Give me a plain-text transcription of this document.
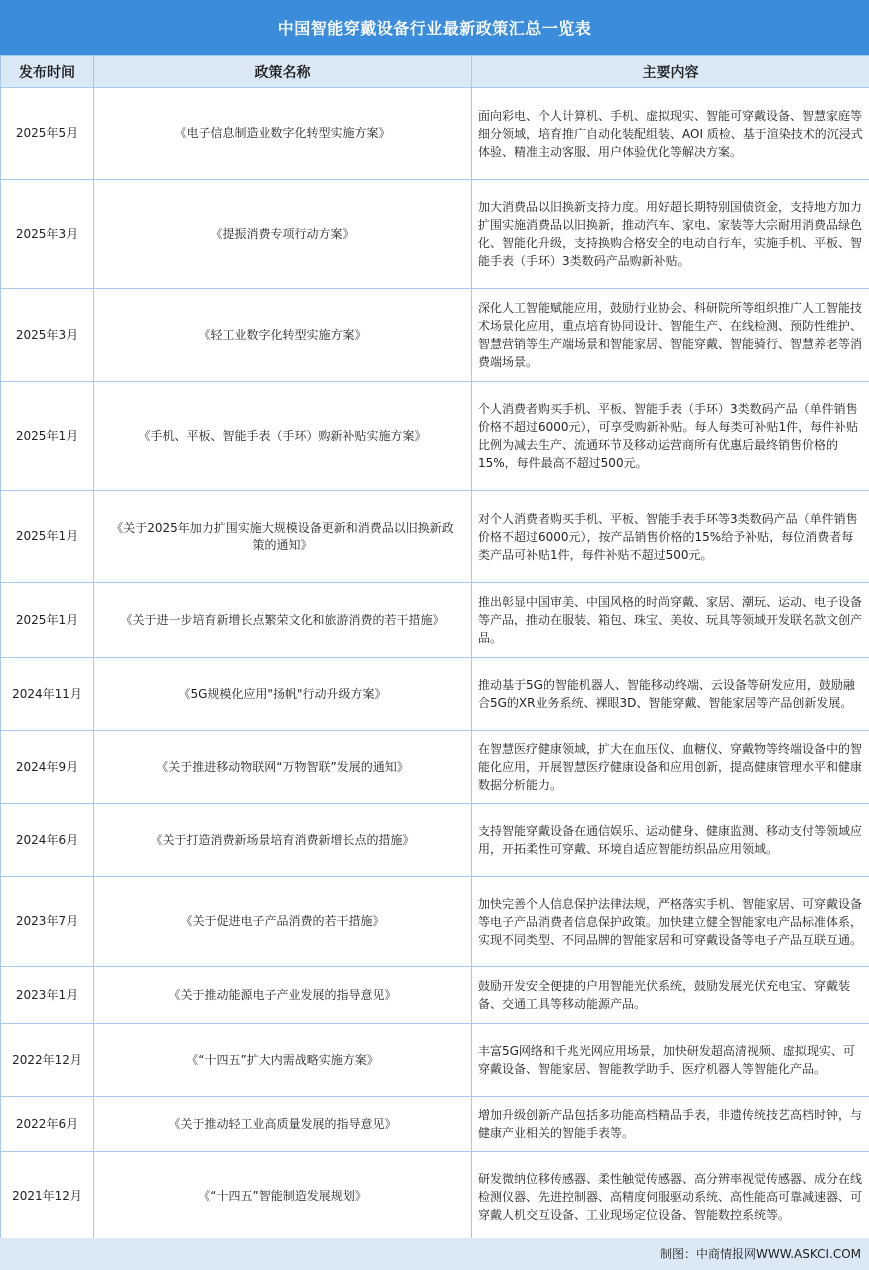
中国智能穿戴设备行业最新政策汇总一览表
发布时间	政策名称	主要内容
2025年5月	《电子信息制造业数字化转型实施方案》	面向彩电、个人计算机、手机、虚拟现实、智能可穿戴设备、智慧家庭等细分领域，培育推广自动化装配组装、AOI 质检、基于渲染技术的沉浸式体验、精准主动客服、用户体验优化等解决方案。
2025年3月	《提振消费专项行动方案》	加大消费品以旧换新支持力度。用好超长期特别国债资金，支持地方加力扩围实施消费品以旧换新，推动汽车、家电、家装等大宗耐用消费品绿色化、智能化升级，支持换购合格安全的电动自行车，实施手机、平板、智能手表（手环）3类数码产品购新补贴。
2025年3月	《轻工业数字化转型实施方案》	深化人工智能赋能应用，鼓励行业协会、科研院所等组织推广人工智能技术场景化应用，重点培育协同设计、智能生产、在线检测、预防性维护、智慧营销等生产端场景和智能家居、智能穿戴、智能骑行、智慧养老等消费端场景。
2025年1月	《手机、平板、智能手表（手环）购新补贴实施方案》	个人消费者购买手机、平板、智能手表（手环）3类数码产品（单件销售价格不超过6000元），可享受购新补贴。每人每类可补贴1件，每件补贴比例为减去生产、流通环节及移动运营商所有优惠后最终销售价格的15%，每件最高不超过500元。
2025年1月	《关于2025年加力扩围实施大规模设备更新和消费品以旧换新政策的通知》	对个人消费者购买手机、平板、智能手表手环等3类数码产品（单件销售价格不超过6000元），按产品销售价格的15%给予补贴，每位消费者每类产品可补贴1件，每件补贴不超过500元。
2025年1月	《关于进一步培育新增长点繁荣文化和旅游消费的若干措施》	推出彰显中国审美、中国风格的时尚穿戴、家居、潮玩、运动、电子设备等产品，推动在服装、箱包、珠宝、美妆、玩具等领域开发联名款文创产品。
2024年11月	《5G规模化应用"扬帆"行动升级方案》	推动基于5G的智能机器人、智能移动终端、云设备等研发应用，鼓励融合5G的XR业务系统、裸眼3D、智能穿戴、智能家居等产品创新发展。
2024年9月	《关于推进移动物联网“万物智联”发展的通知》	在智慧医疗健康领域，扩大在血压仪、血糖仪、穿戴物等终端设备中的智能化应用，开展智慧医疗健康设备和应用创新，提高健康管理水平和健康数据分析能力。
2024年6月	《关于打造消费新场景培育消费新增长点的措施》	支持智能穿戴设备在通信娱乐、运动健身、健康监测、移动支付等领域应用，开拓柔性可穿戴、环境自适应智能纺织品应用领域。
2023年7月	《关于促进电子产品消费的若干措施》	加快完善个人信息保护法律法规，严格落实手机、智能家居、可穿戴设备等电子产品消费者信息保护政策。加快建立健全智能家电产品标准体系，实现不同类型、不同品牌的智能家居和可穿戴设备等电子产品互联互通。
2023年1月	《关于推动能源电子产业发展的指导意见》	鼓励开发安全便捷的户用智能光伏系统，鼓励发展光伏充电宝、穿戴装备、交通工具等移动能源产品。
2022年12月	《“十四五”扩大内需战略实施方案》	丰富5G网络和千兆光网应用场景，加快研发超高清视频、虚拟现实、可穿戴设备、智能家居、智能教学助手、医疗机器人等智能化产品。
2022年6月	《关于推动轻工业高质量发展的指导意见》	增加升级创新产品包括多功能高档精品手表，非遗传统技艺高档时钟，与健康产业相关的智能手表等。
2021年12月	《“十四五”智能制造发展规划》	研发微纳位移传感器、柔性触觉传感器、高分辨率视觉传感器、成分在线检测仪器、先进控制器、高精度伺服驱动系统、高性能高可靠减速器、可穿戴人机交互设备、工业现场定位设备、智能数控系统等。
制图：中商情报网WWW.ASKCI.COM
